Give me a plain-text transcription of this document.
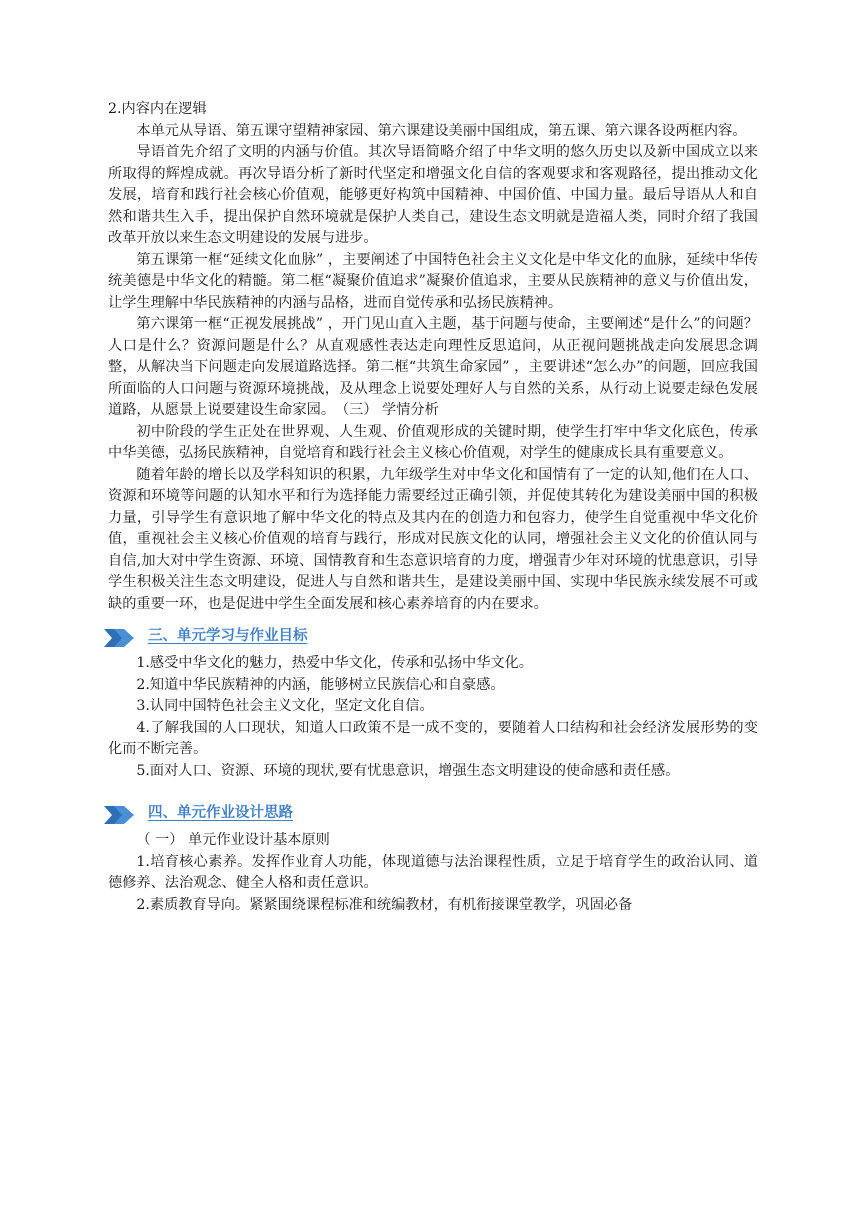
2.内容内在逻辑

本单元从导语、第五课守望精神家园、第六课建设美丽中国组成，第五课、第六课各设两框内容。

导语首先介绍了文明的内涵与价值。其次导语简略介绍了中华文明的悠久历史以及新中国成立以来所取得的辉煌成就。再次导语分析了新时代坚定和增强文化自信的客观要求和客观路径，提出推动文化发展，培育和践行社会核心价值观，能够更好构筑中国精神、中国价值、中国力量。最后导语从人和自然和谐共生入手，提出保护自然环境就是保护人类自己，建设生态文明就是造福人类，同时介绍了我国改革开放以来生态文明建设的发展与进步。

第五课第一框“延续文化血脉” ，主要阐述了中国特色社会主义文化是中华文化的血脉，延续中华传统美德是中华文化的精髓。第二框“凝聚价值追求”凝聚价值追求，主要从民族精神的意义与价值出发，让学生理解中华民族精神的内涵与品格，进而自觉传承和弘扬民族精神。

第六课第一框“正视发展挑战” ，开门见山直入主题，基于问题与使命，主要阐述“是什么”的问题？人口是什么？资源问题是什么？从直观感性表达走向理性反思追问，从正视问题挑战走向发展思念调整，从解决当下问题走向发展道路选择。第二框“共筑生命家园” ，主要讲述“怎么办”的问题，回应我国所面临的人口问题与资源环境挑战，及从理念上说要处理好人与自然的关系，从行动上说要走绿色发展道路，从愿景上说要建设生命家园。　（三） 学情分析

初中阶段的学生正处在世界观、人生观、价值观形成的关键时期，使学生打牢中华文化底色，传承中华美德，弘扬民族精神，自觉培育和践行社会主义核心价值观，对学生的健康成长具有重要意义。

随着年龄的增长以及学科知识的积累，九年级学生对中华文化和国情有了一定的认知,他们在人口、资源和环境等问题的认知水平和行为选择能力需要经过正确引领，并促使其转化为建设美丽中国的积极力量，引导学生有意识地了解中华文化的特点及其内在的创造力和包容力，使学生自觉重视中华文化价值，重视社会主义核心价值观的培育与践行，形成对民族文化的认同，增强社会主义文化的价值认同与自信,加大对中学生资源、环境、国情教育和生态意识培育的力度，增强青少年对环境的忧患意识，引导学生积极关注生态文明建设，促进人与自然和谐共生，是建设美丽中国、实现中华民族永续发展不可或缺的重要一环，也是促进中学生全面发展和核心素养培育的内在要求。

三、单元学习与作业目标

1.感受中华文化的魅力，热爱中华文化，传承和弘扬中华文化。

2.知道中华民族精神的内涵，能够树立民族信心和自豪感。

3.认同中国特色社会主义文化，坚定文化自信。

4.了解我国的人口现状，知道人口政策不是一成不变的，要随着人口结构和社会经济发展形势的变化而不断完善。

5.面对人口、资源、环境的现状,要有忧患意识，增强生态文明建设的使命感和责任感。

四、单元作业设计思路

（ 一） 单元作业设计基本原则

1.培育核心素养。发挥作业育人功能，体现道德与法治课程性质，立足于培育学生的政治认同、道德修养、法治观念、健全人格和责任意识。

2.素质教育导向。紧紧围绕课程标准和统编教材，有机衔接课堂教学，巩固必备
